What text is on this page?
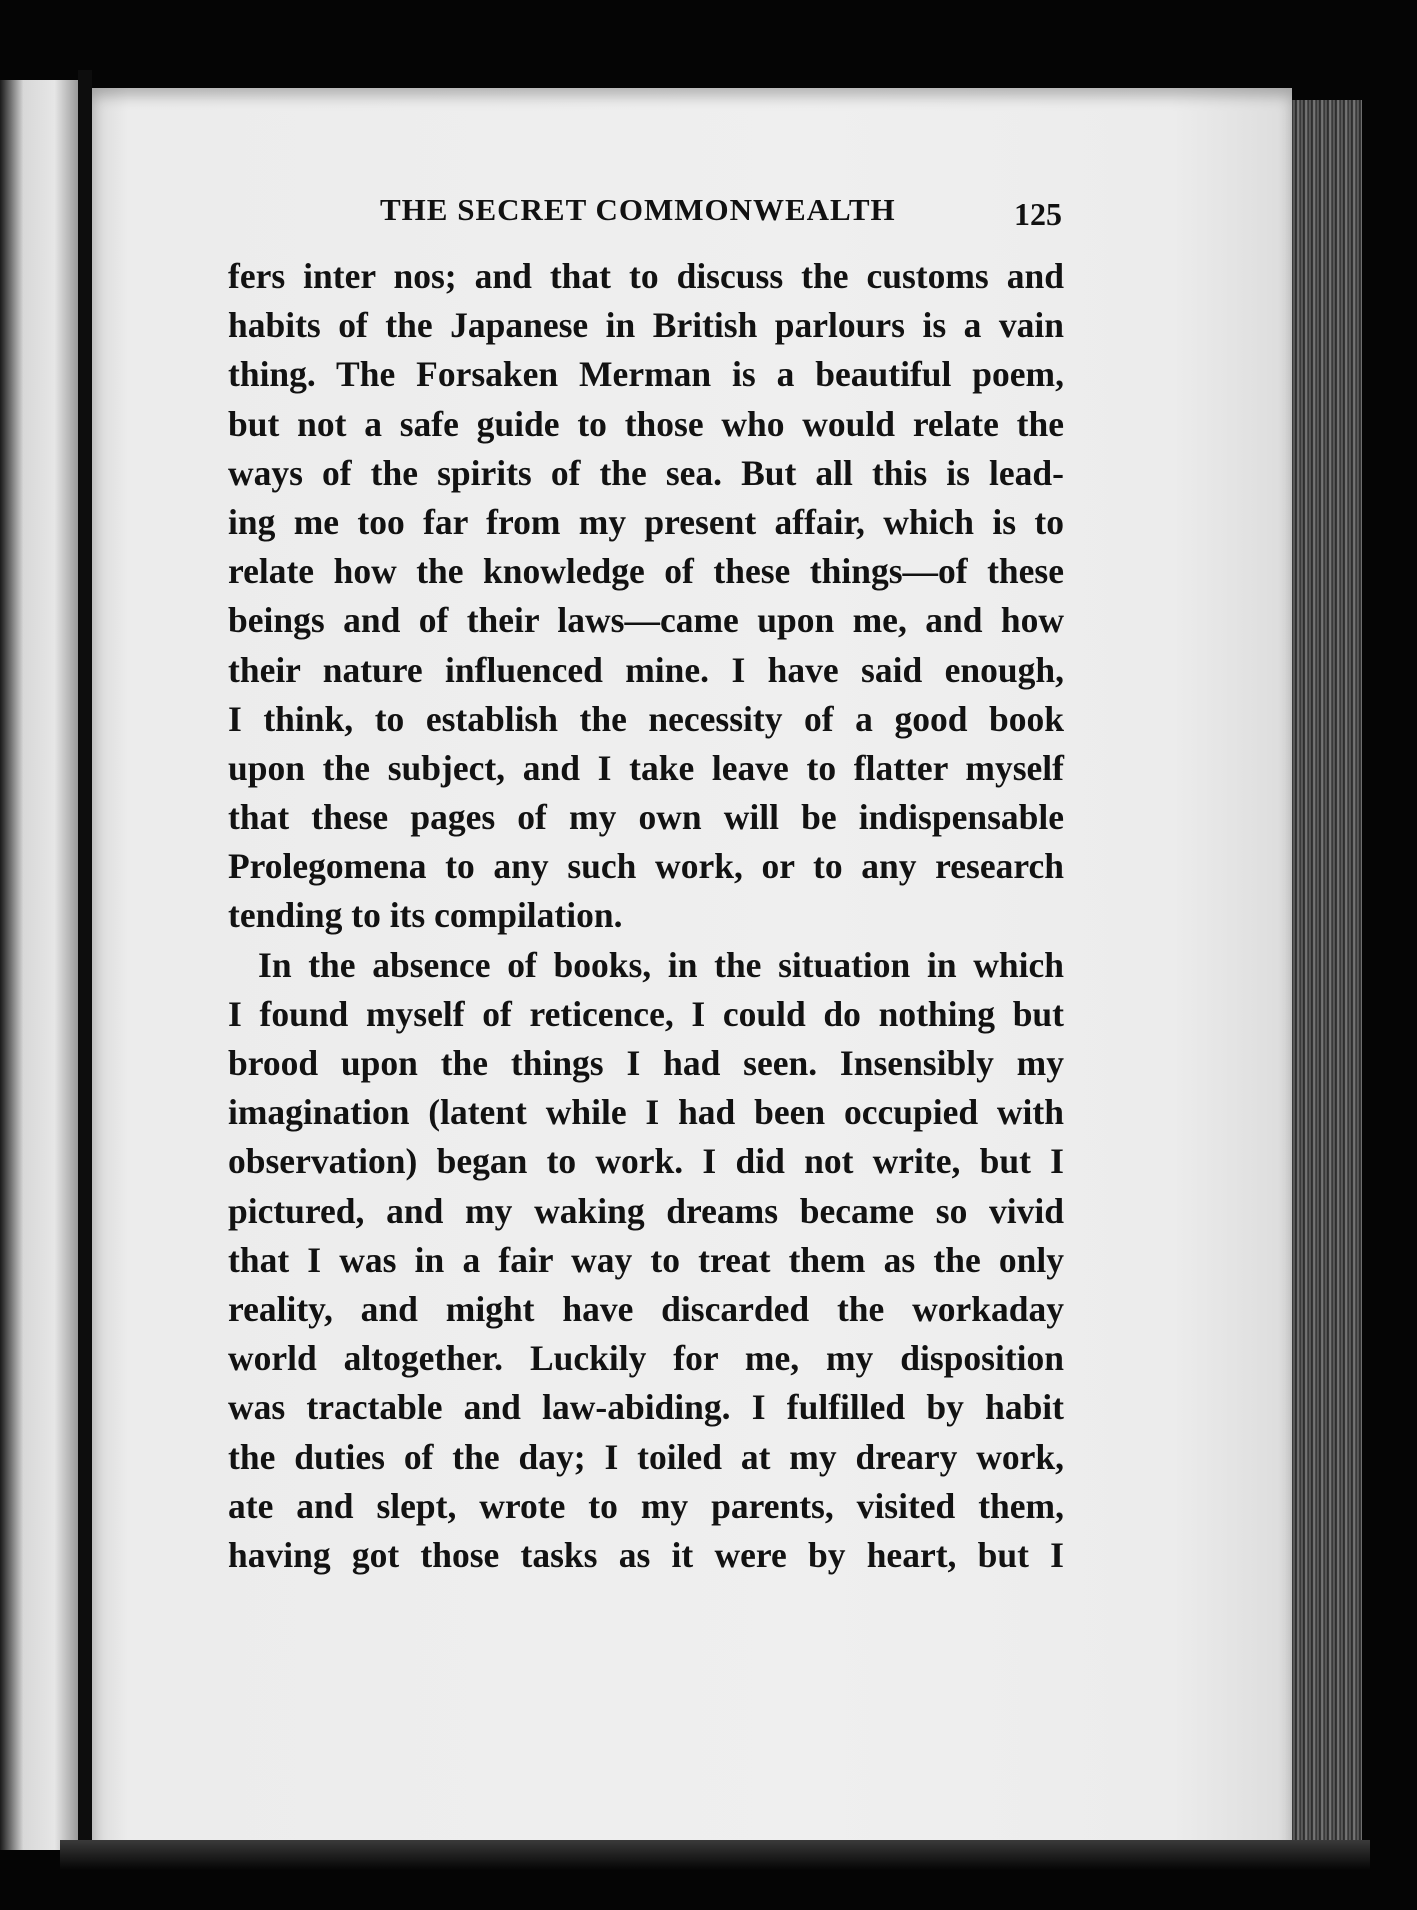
THE SECRET COMMONWEALTH	125
fers inter nos; and that to discuss the customs and
habits of the Japanese in British parlours is a vain
thing. The Forsaken Merman is a beautiful poem,
but not a safe guide to those who would relate the
ways of the spirits of the sea. But all this is lead-
ing me too far from my present affair, which is to
relate how the knowledge of these things—of these
beings and of their laws—came upon me, and how
their nature influenced mine. I have said enough,
I think, to establish the necessity of a good book
upon the subject, and I take leave to flatter myself
that these pages of my own will be indispensable
Prolegomena to any such work, or to any research
tending to its compilation.
In the absence of books, in the situation in which
I found myself of reticence, I could do nothing but
brood upon the things I had seen. Insensibly my
imagination (latent while I had been occupied with
observation) began to work. I did not write, but I
pictured, and my waking dreams became so vivid
that I was in a fair way to treat them as the only
reality, and might have discarded the workaday
world altogether. Luckily for me, my disposition
was tractable and law-abiding. I fulfilled by habit
the duties of the day; I toiled at my dreary work,
ate and slept, wrote to my parents, visited them,
having got those tasks as it were by heart, but I
